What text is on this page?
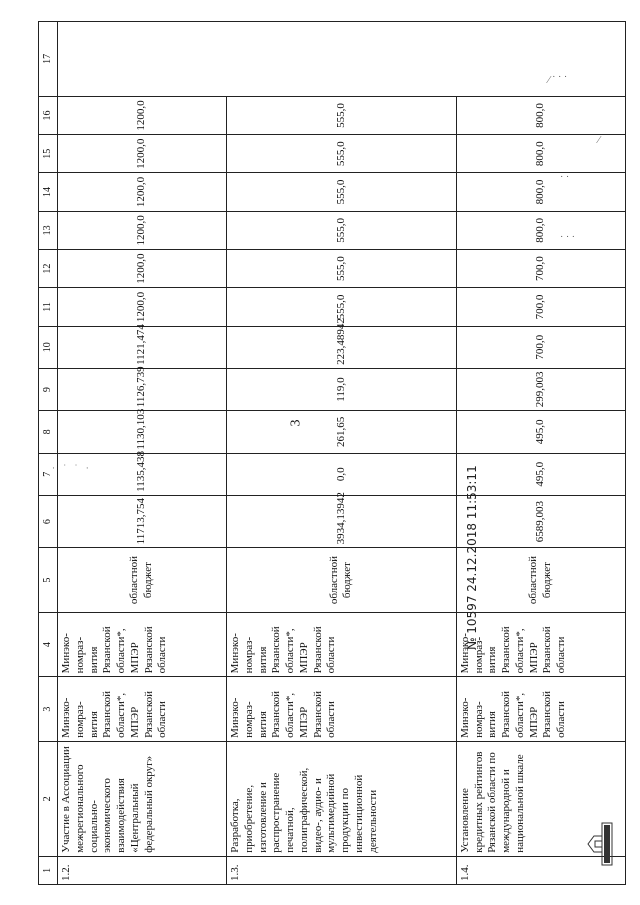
1	2	3	4	5	6	7	8	9	10	11	12	13	14	15	16	17
1.2.	Участие в Ассоциации межрегионального социально-экономического взаимодействия «Центральный федеральный округ»	Минэко-номраз-вития Рязанской области*, МПЭР Рязанской области	Минэко-номраз-вития Рязанской области*, МПЭР Рязанской области	областной бюджет	11713,754	1135,438	1130,103	1126,739	1121,474	1200,0	1200,0	1200,0	1200,0	1200,0	1200,0	
1.3.	Разработка, приобретение, изготовление и распространение печатной, полиграфической, видео-, аудио- и мультимедийной продукции по инвестиционной деятельности	Минэко-номраз-вития Рязанской области*, МПЭР Рязанской области	Минэко-номраз-вития Рязанской области*, МПЭР Рязанской области	областной бюджет	3934,13942	0,0	261,65	119,0	223,48942	555,0	555,0	555,0	555,0	555,0	555,0	
1.4.	Установление кредитных рейтингов Рязанской области по международной и национальной шкале	Минэко-номраз-вития Рязанской области*, МПЭР Рязанской области	Минэко-номраз-вития Рязанской области*, МПЭР Рязанской области	областной бюджет	6589,003	495,0	495,0	299,003	700,0	700,0	700,0	800,0	800,0	800,0	800,0	
3
· ˙ ˙ ·
⁄ ˙ ˙ ˙
⁄
˙ ˙
˙ ˙ ˙
№ 10597 24.12.2018 11:53:11
